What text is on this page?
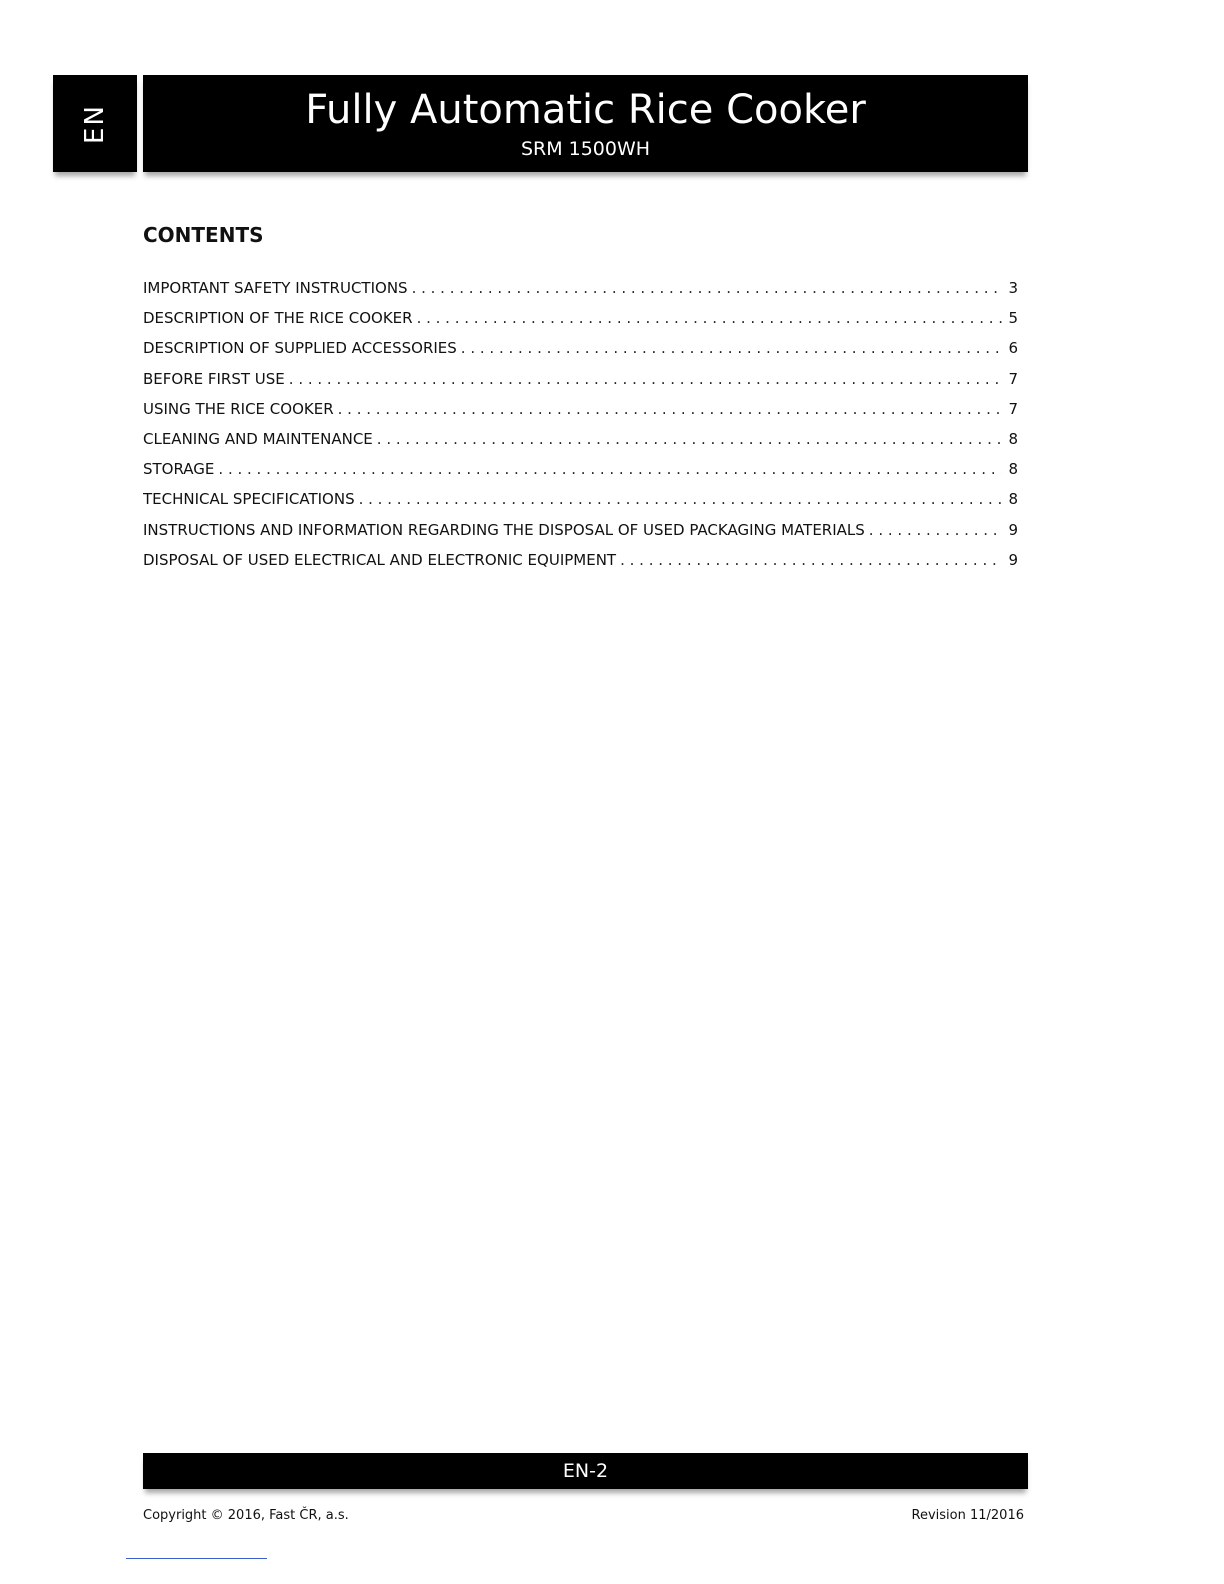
EN	Fully Automatic Rice Cooker
SRM 1500WH
CONTENTS
IMPORTANT SAFETY INSTRUCTIONS . . .	3
DESCRIPTION OF THE RICE COOKER . . .	5
DESCRIPTION OF SUPPLIED ACCESSORIES . . .	6
BEFORE FIRST USE . . .	7
USING THE RICE COOKER . . .	7
CLEANING AND MAINTENANCE . . .	8
STORAGE . . .	8
TECHNICAL SPECIFICATIONS . . .	8
INSTRUCTIONS AND INFORMATION REGARDING THE DISPOSAL OF USED PACKAGING MATERIALS . . .	9
DISPOSAL OF USED ELECTRICAL AND ELECTRONIC EQUIPMENT . . .	9
EN-2
Copyright © 2016, Fast ČR, a.s.	Revision 11/2016
